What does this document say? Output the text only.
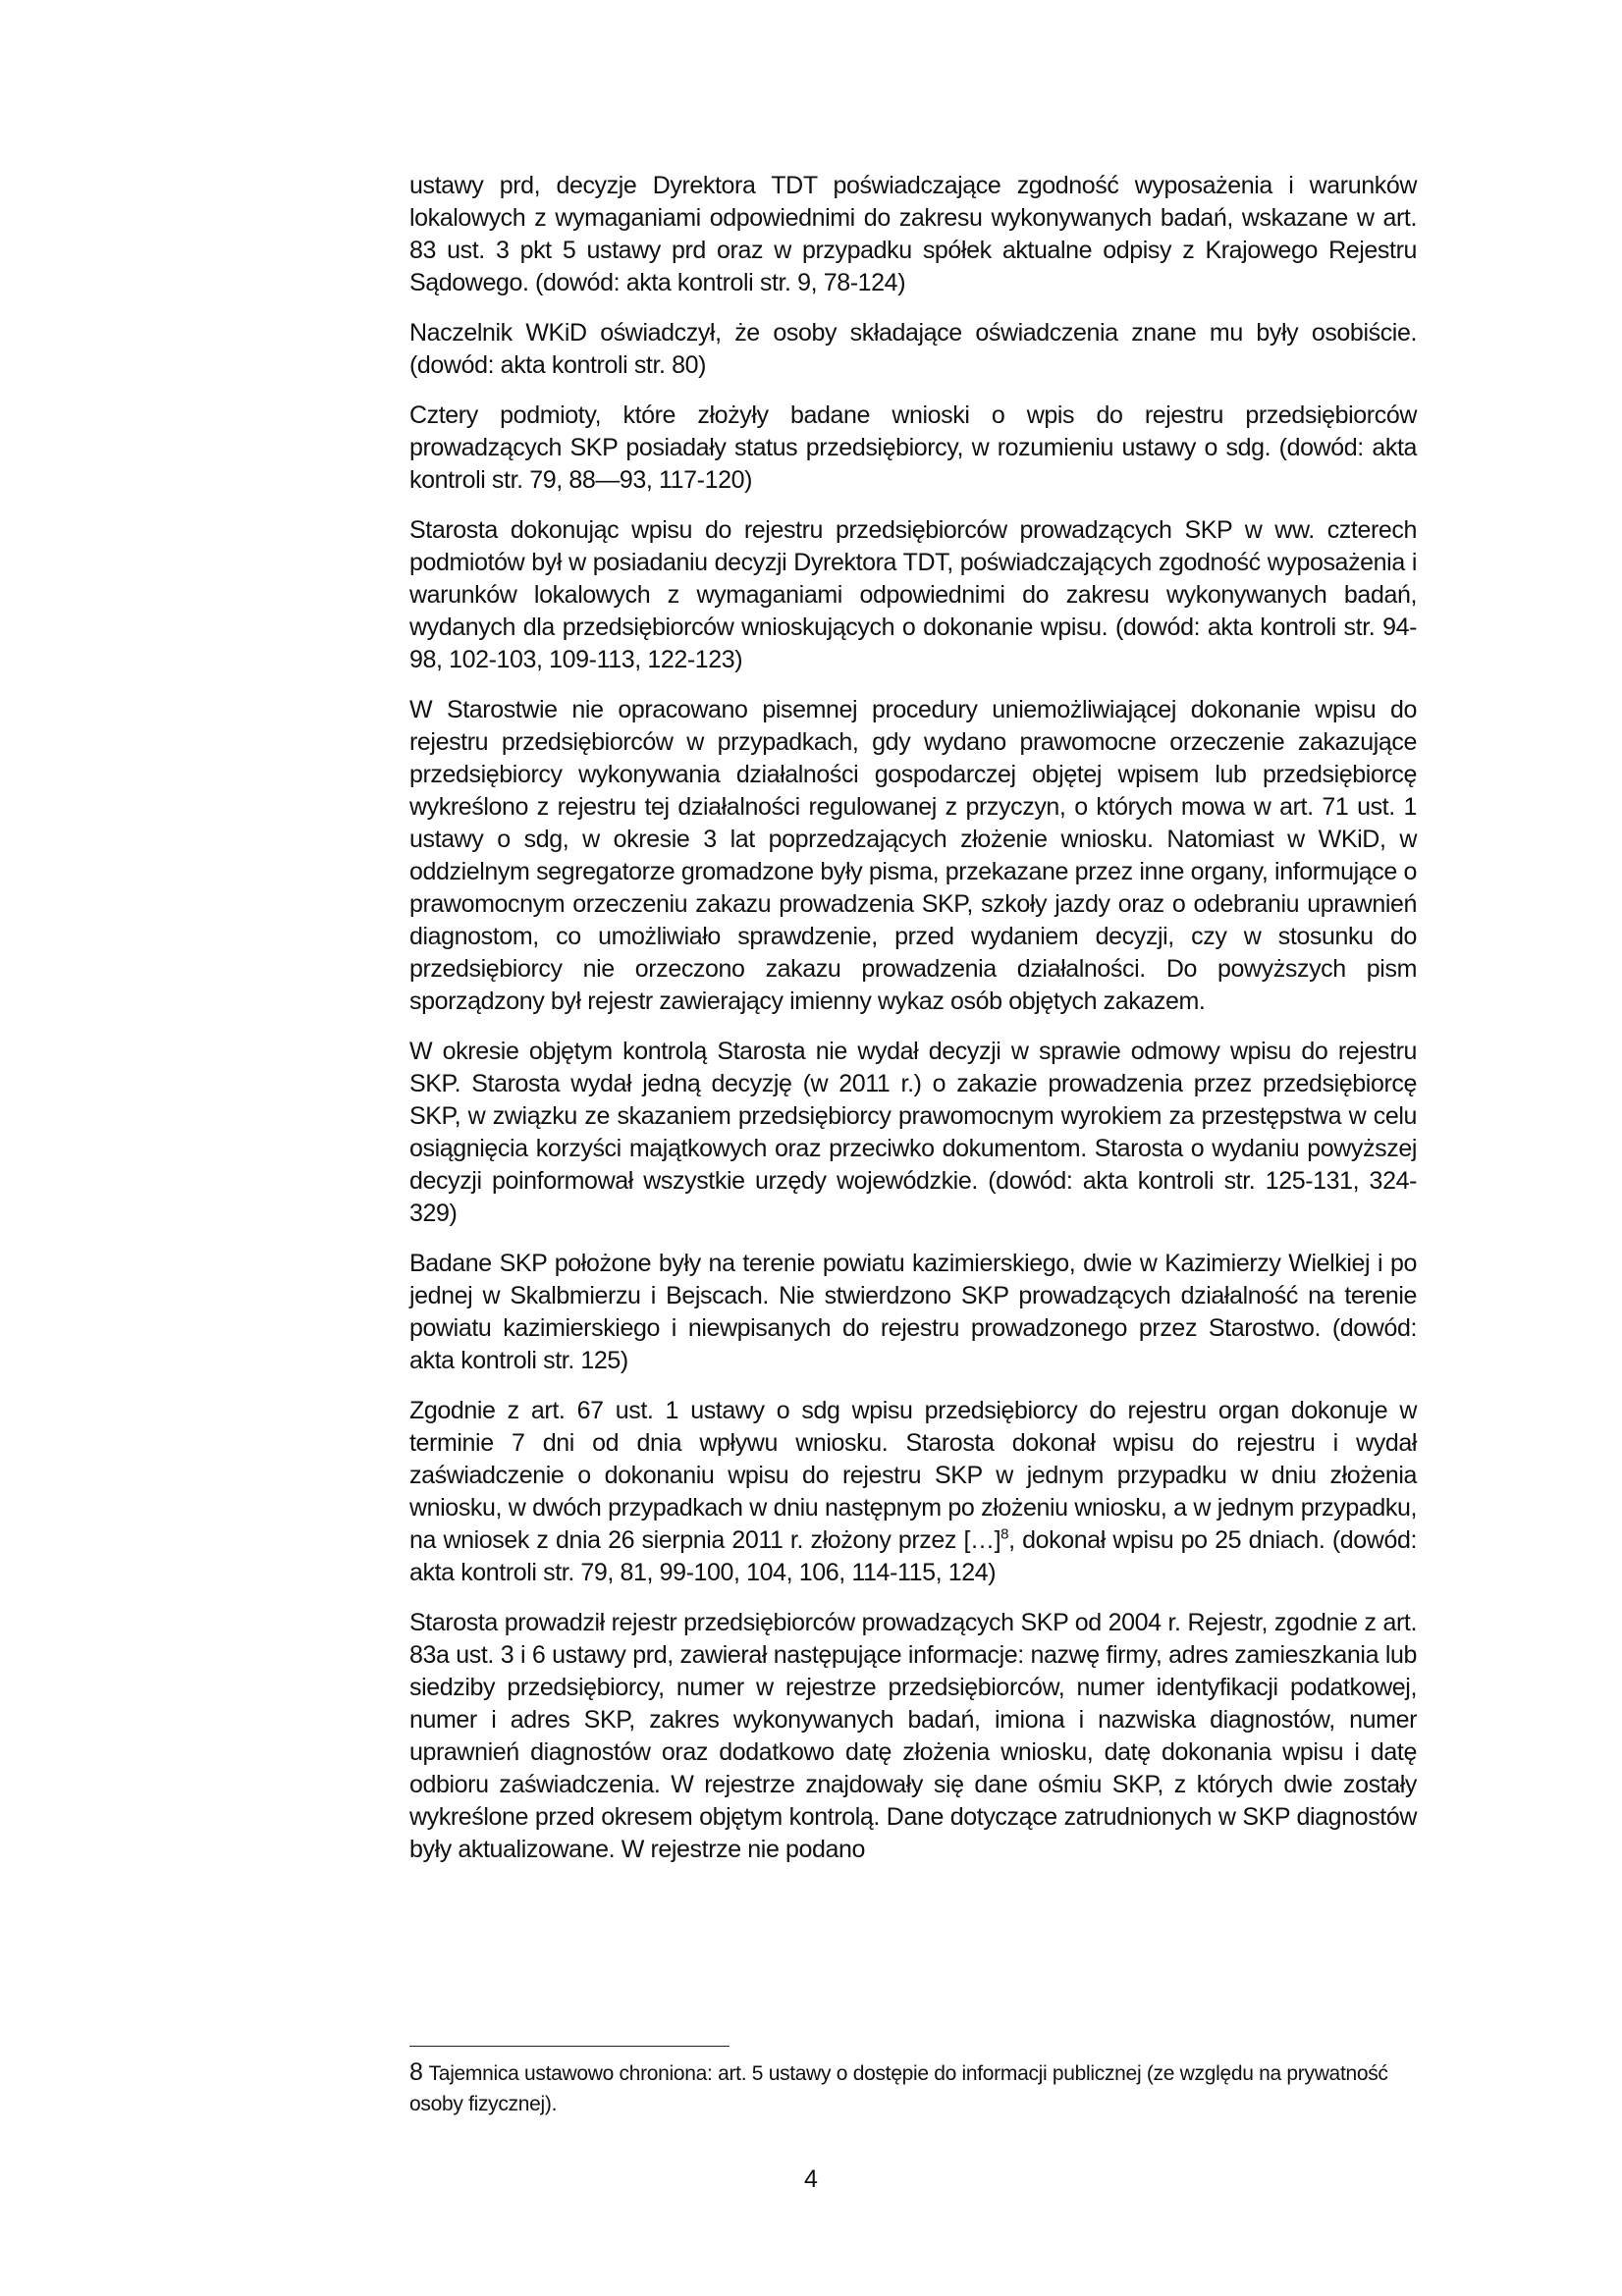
ustawy prd, decyzje Dyrektora TDT poświadczające zgodność wyposażenia i warunków lokalowych z wymaganiami odpowiednimi do zakresu wykonywanych badań, wskazane w art. 83 ust. 3 pkt 5 ustawy prd oraz w przypadku spółek aktualne odpisy z Krajowego Rejestru Sądowego. (dowód: akta kontroli str. 9, 78-124)

Naczelnik WKiD oświadczył, że osoby składające oświadczenia znane mu były osobiście. (dowód: akta kontroli str. 80)

Cztery podmioty, które złożyły badane wnioski o wpis do rejestru przedsiębiorców prowadzących SKP posiadały status przedsiębiorcy, w rozumieniu ustawy o sdg. (dowód: akta kontroli str. 79, 88—93, 117-120)

Starosta dokonując wpisu do rejestru przedsiębiorców prowadzących SKP w ww. czterech podmiotów był w posiadaniu decyzji Dyrektora TDT, poświadczających zgodność wyposażenia i warunków lokalowych z wymaganiami odpowiednimi do zakresu wykonywanych badań, wydanych dla przedsiębiorców wnioskujących o dokonanie wpisu. (dowód: akta kontroli str. 94-98, 102-103, 109-113, 122-123)

W Starostwie nie opracowano pisemnej procedury uniemożliwiającej dokonanie wpisu do rejestru przedsiębiorców w przypadkach, gdy wydano prawomocne orzeczenie zakazujące przedsiębiorcy wykonywania działalności gospodarczej objętej wpisem lub przedsiębiorcę wykreślono z rejestru tej działalności regulowanej z przyczyn, o których mowa w art. 71 ust. 1 ustawy o sdg, w okresie 3 lat poprzedzających złożenie wniosku. Natomiast w WKiD, w oddzielnym segregatorze gromadzone były pisma, przekazane przez inne organy, informujące o prawomocnym orzeczeniu zakazu prowadzenia SKP, szkoły jazdy oraz o odebraniu uprawnień diagnostom, co umożliwiało sprawdzenie, przed wydaniem decyzji, czy w stosunku do przedsiębiorcy nie orzeczono zakazu prowadzenia działalności. Do powyższych pism sporządzony był rejestr zawierający imienny wykaz osób objętych zakazem.

W okresie objętym kontrolą Starosta nie wydał decyzji w sprawie odmowy wpisu do rejestru SKP. Starosta wydał jedną decyzję (w 2011 r.) o zakazie prowadzenia przez przedsiębiorcę SKP, w związku ze skazaniem przedsiębiorcy prawomocnym wyrokiem za przestępstwa w celu osiągnięcia korzyści majątkowych oraz przeciwko dokumentom. Starosta o wydaniu powyższej decyzji poinformował wszystkie urzędy wojewódzkie. (dowód: akta kontroli str. 125-131, 324-329)

Badane SKP położone były na terenie powiatu kazimierskiego, dwie w Kazimierzy Wielkiej i po jednej w Skalbmierzu i Bejscach. Nie stwierdzono SKP prowadzących działalność na terenie powiatu kazimierskiego i niewpisanych do rejestru prowadzonego przez Starostwo. (dowód: akta kontroli str. 125)

Zgodnie z art. 67 ust. 1 ustawy o sdg wpisu przedsiębiorcy do rejestru organ dokonuje w terminie 7 dni od dnia wpływu wniosku. Starosta dokonał wpisu do rejestru i wydał zaświadczenie o dokonaniu wpisu do rejestru SKP w jednym przypadku w dniu złożenia wniosku, w dwóch przypadkach w dniu następnym po złożeniu wniosku, a w jednym przypadku, na wniosek z dnia 26 sierpnia 2011 r. złożony przez […]$^8$, dokonał wpisu po 25 dniach. (dowód: akta kontroli str. 79, 81, 99-100, 104, 106, 114-115, 124)

Starosta prowadził rejestr przedsiębiorców prowadzących SKP od 2004 r. Rejestr, zgodnie z art. 83a ust. 3 i 6 ustawy prd, zawierał następujące informacje: nazwę firmy, adres zamieszkania lub siedziby przedsiębiorcy, numer w rejestrze przedsiębiorców, numer identyfikacji podatkowej, numer i adres SKP, zakres wykonywanych badań, imiona i nazwiska diagnostów, numer uprawnień diagnostów oraz dodatkowo datę złożenia wniosku, datę dokonania wpisu i datę odbioru zaświadczenia. W rejestrze znajdowały się dane ośmiu SKP, z których dwie zostały wykreślone przed okresem objętym kontrolą. Dane dotyczące zatrudnionych w SKP diagnostów były aktualizowane. W rejestrze nie podano

8 Tajemnica ustawowo chroniona: art. 5 ustawy o dostępie do informacji publicznej (ze względu na prywatność osoby fizycznej).
4
